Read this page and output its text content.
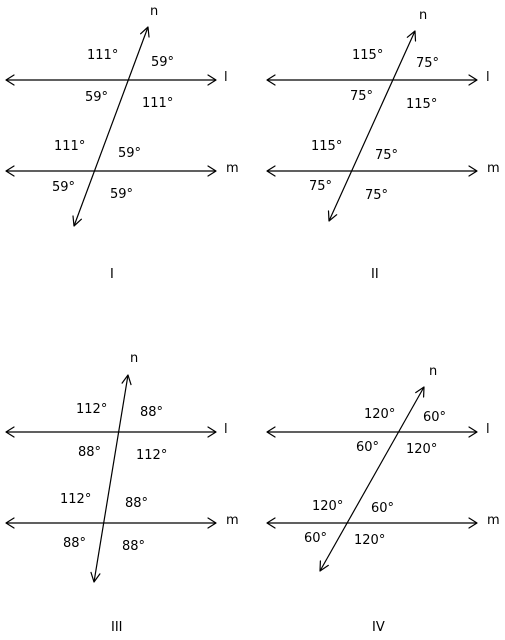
n
l
m
111°	59°
59°	111°
111°	59°
59°	59°
I
n
l
m
115°
75°
75°
115°
115°
75°
75°
75°
II
n
l
m
112°	88°
88°	112°
112°	88°
88°	88°
III
n
l
m
120° 60°
60° 120°
120° 60°
60° 120°
IV
